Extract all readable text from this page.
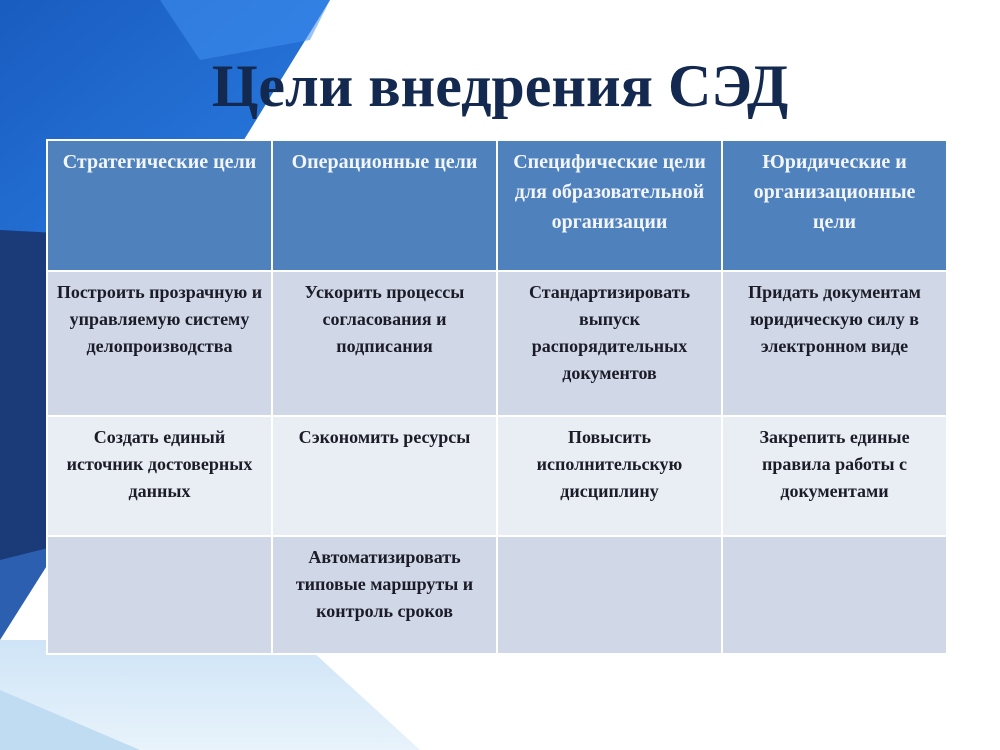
Цели внедрения СЭД
Стратегические цели	Операционные цели	Специфические цели для образовательной организации	Юридические и организационные цели
Построить прозрачную и управляемую систему делопроизводства	Ускорить процессы согласования и подписания	Стандартизировать выпуск распорядительных документов	Придать документам юридическую силу в электронном виде
Создать единый источник достоверных данных	Сэкономить ресурсы	Повысить исполнительскую дисциплину	Закрепить единые правила работы с документами
	Автоматизировать типовые маршруты и контроль сроков		
